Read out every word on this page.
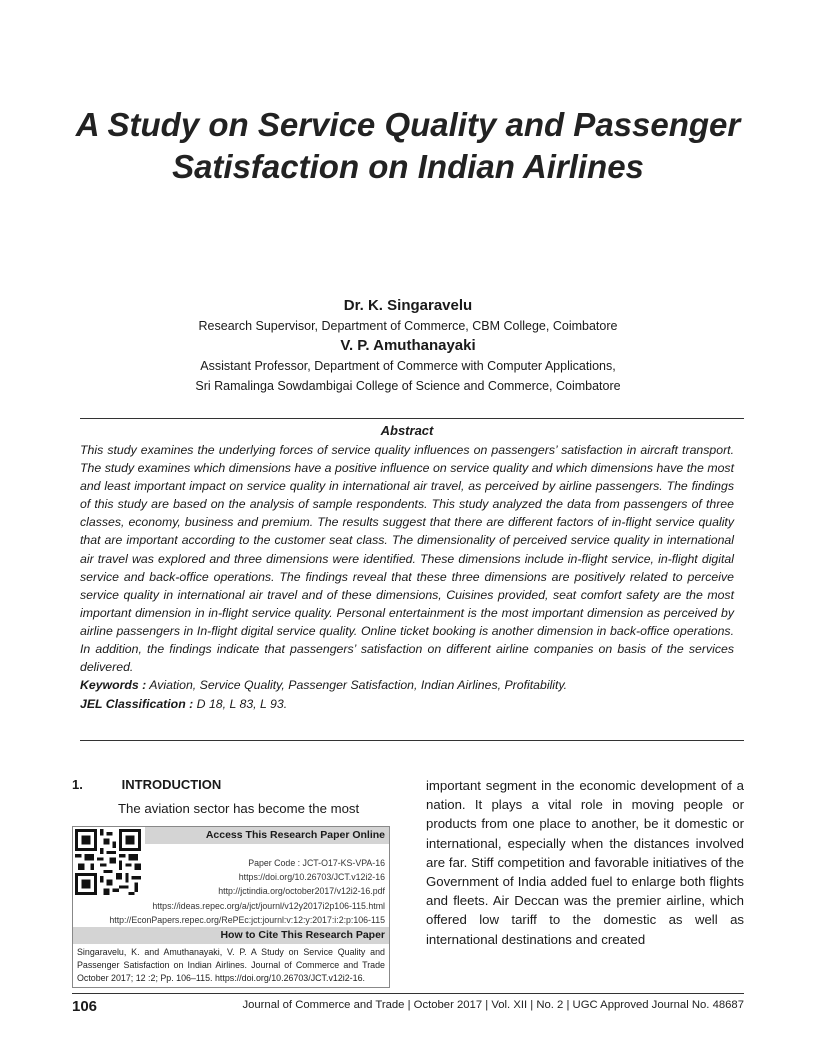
A Study on Service Quality and Passenger
Satisfaction on Indian Airlines

Dr. K. Singaravelu

Research Supervisor, Department of Commerce, CBM College, Coimbatore

V. P. Amuthanayaki

Assistant Professor, Department of Commerce with Computer Applications,

Sri Ramalinga Sowdambigai College of Science and Commerce, Coimbatore

Abstract

This study examines the underlying forces of service quality influences on passengers’ satisfaction in aircraft transport. The study examines which dimensions have a positive influence on service quality and which dimensions have the most and least important impact on service quality in international air travel, as perceived by airline passengers. The findings of this study are based on the analysis of sample respondents. This study analyzed the data from passengers of three classes, economy, business and premium. The results suggest that there are different factors of in-flight service quality that are important according to the customer seat class. The dimensionality of perceived service quality in international air travel was explored and three dimensions were identified. These dimensions include in-flight service, in-flight digital service and back-office operations. The findings reveal that these three dimensions are positively related to perceive service quality in international air travel and of these dimensions, Cuisines provided, seat comfort safety are the most important dimension in in-flight service quality. Personal entertainment is the most important dimension as perceived by airline passengers in In-flight digital service quality. Online ticket booking is another dimension in back-office operations. In addition, the findings indicate that passengers’ satisfaction on different airline companies on basis of the services delivered.

Keywords : Aviation, Service Quality, Passenger Satisfaction, Indian Airlines, Profitability.

JEL Classification : D 18, L 83, L 93.

1.	INTRODUCTION

The aviation sector has become the most

Access This Research Paper Online
Paper Code : JCT-O17-KS-VPA-16
https://doi.org/10.26703/JCT.v12i2-16
http://jctindia.org/october2017/v12i2-16.pdf
https://ideas.repec.org/a/jct/journl/v12y2017i2p106-115.html
http://EconPapers.repec.org/RePEc:jct:journl:v:12:y:2017:i:2:p:106-115
How to Cite This Research Paper

Singaravelu, K. and Amuthanayaki, V. P. A Study on Service Quality and Passenger Satisfaction on Indian Airlines. Journal of Commerce and Trade October 2017; 12 :2; Pp. 106–115. https://doi.org/10.26703/JCT.v12i2-16.

important segment in the economic development of a nation. It plays a vital role in moving people or products from one place to another, be it domestic or international, especially when the distances involved are far. Stiff competition and favorable initiatives of the Government of India added fuel to enlarge both flights and fleets. Air Deccan was the premier airline, which offered low tariff to the domestic as well as international destinations and created

106	Journal of Commerce and Trade | October 2017 | Vol. XII | No. 2 | UGC Approved Journal No. 48687
